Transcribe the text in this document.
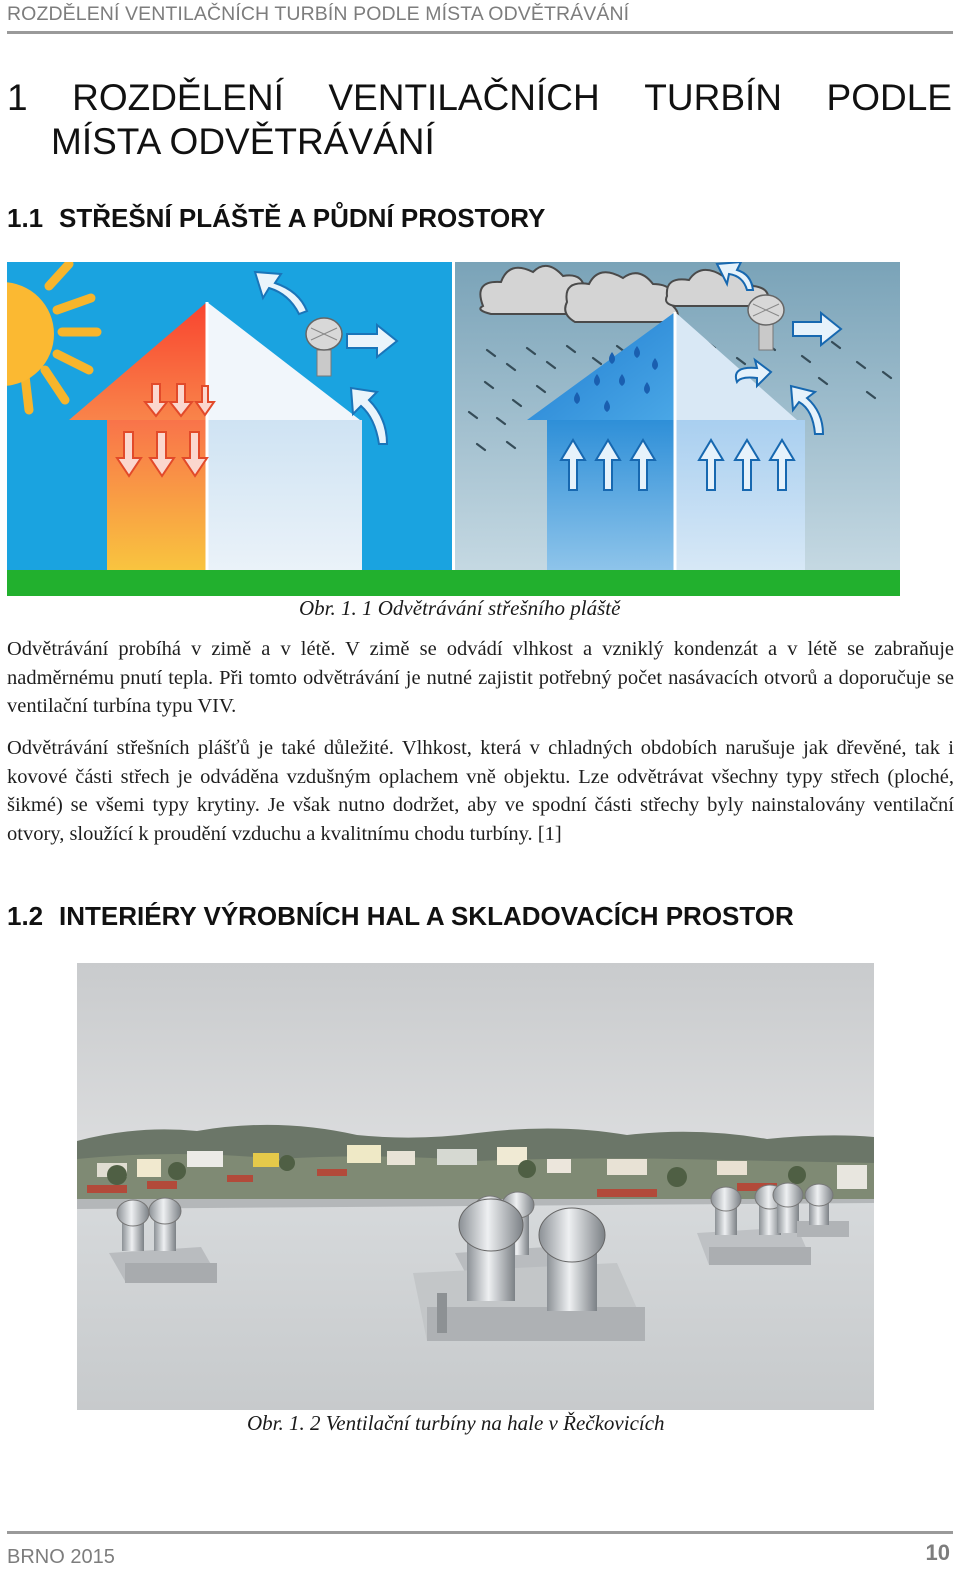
ROZDĚLENÍ VENTILAČNÍCH TURBÍN PODLE MÍSTA ODVĚTRÁVÁNÍ
1 ROZDĚLENÍ VENTILAČNÍCH TURBÍN PODLE
MÍSTA ODVĚTRÁVÁNÍ
1.1 STŘEŠNÍ PLÁŠTĚ A PŮDNÍ PROSTORY
Obr. 1. 1 Odvětrávání střešního pláště

Odvětrávání probíhá v zimě a v létě. V zimě se odvádí vlhkost a vzniklý kondenzát a v létě se zabraňuje nadměrnému pnutí tepla. Při tomto odvětrávání je nutné zajistit potřebný počet nasávacích otvorů a doporučuje se ventilační turbína typu VIV.

Odvětrávání střešních plášťů je také důležité. Vlhkost, která v chladných obdobích narušuje jak dřevěné, tak i kovové části střech je odváděna vzdušným oplachem vně objektu. Lze odvětrávat všechny typy střech (ploché, šikmé) se všemi typy krytiny. Je však nutno dodržet, aby ve spodní části střechy byly nainstalovány ventilační otvory, sloužící k proudění vzduchu a kvalitnímu chodu turbíny. [1]

1.2 INTERIÉRY VÝROBNÍCH HAL A SKLADOVACÍCH PROSTOR
Obr. 1. 2 Ventilační turbíny na hale v Řečkovicích
BRNO 2015	10
